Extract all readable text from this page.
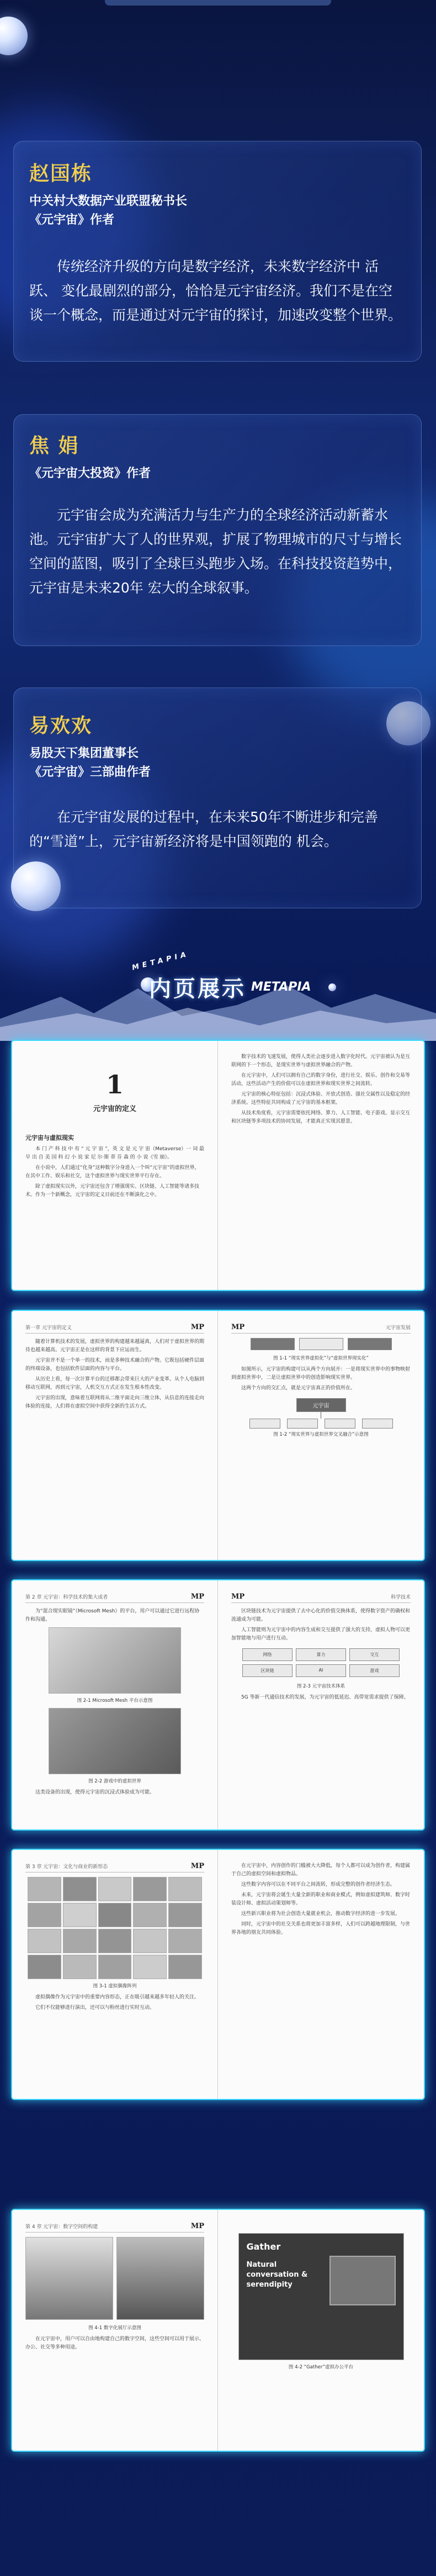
赵国栋
中关村大数据产业联盟秘书长
《元宇宙》作者
传统经济升级的方向是数字经济，未来数字经济中 活跃、 变化最剧烈的部分，恰恰是元宇宙经济。我们不是在空谈一个概念，而是通过对元宇宙的探讨，加速改变整个世界。
焦 娟
《元宇宙大投资》作者
元宇宙会成为充满活力与生产力的全球经济活动新蓄水池。元宇宙扩大了人的世界观，扩展了物理城市的尺寸与增长空间的蓝图，吸引了全球巨头跑步入场。在科技投资趋势中，元宇宙是未来20年 宏大的全球叙事。
易欢欢
易股天下集团董事长
《元宇宙》三部曲作者
在元宇宙发展的过程中，在未来50年不断进步和完善的“雪道”上，元宇宙新经济将是中国领跑的 机会。
METAPIA
内页展示 METAPIA
1
元宇宙的定义
元宇宙与虚拟现实

本 门 产 科 技 中 有 “ 元 宇 宙 ”，英 文 是 元 宇 宙（Metaverse）一 词 最 早 出 自 美 国 科 幻 小 说 家 尼 尔·斯 蒂 芬 森 的 小 说《雪 崩》。

在小说中，人们通过“化身”这种数字分身进入一个叫“元宇宙”的虚拟世界，在其中工作、娱乐和社交，这个虚拟世界与现实世界平行存在。

除了虚拟现实以外，元宇宙还包含了增强现实、区块链、人工智能等诸多技术。作为一个新概念，元宇宙的定义目前还在不断演化之中。

数字技术的飞速发展，使得人类社会逐步进入数字化时代。元宇宙被认为是互联网的下一个形态，是现实世界与虚拟世界融合的产物。

在元宇宙中，人们可以拥有自己的数字身份，进行社交、娱乐、创作和交易等活动，这些活动产生的价值可以在虚拟世界和现实世界之间流转。

元宇宙的核心特征包括：沉浸式体验、开放式创造、强社交属性以及稳定的经济系统。这些特征共同构成了元宇宙的基本框架。

从技术角度看，元宇宙需要依托网络、算力、人工智能、电子游戏、显示交互和区块链等多项技术的协同发展，才能真正实现其愿景。

第一章 元宇宙的定义	MP

随着计算机技术的发展，虚拟世界的构建越来越逼真，人们对于虚拟世界的期待也越来越高。元宇宙正是在这样的背景下应运而生。

元宇宙并不是一个单一的技术，而是多种技术融合的产物。它既包括硬件层面的终端设备，也包括软件层面的内容与平台。

从历史上看，每一次计算平台的迁移都会带来巨大的产业变革。从个人电脑到移动互联网，再到元宇宙，人机交互方式正在发生根本性改变。

元宇宙的出现，意味着互联网将从二维平面走向三维立体，从信息的连接走向体验的连接，人们将在虚拟空间中获得全新的生活方式。

MP	元宇宙发展
图 1-1 “现实世界虚拟化”与“虚拟世界现实化”

如图所示，元宇宙的构建可以从两个方向展开：一是将现实世界中的事物映射到虚拟世界中，二是让虚拟世界中的创造影响现实世界。

这两个方向的交汇点，就是元宇宙真正的价值所在。

元宇宙
图 1-2 “现实世界与虚拟世界交叉融合”示意图
第 2 章 元宇宙：科学技术的集大成者	MP

为“混合现实眼镜”（Microsoft Mesh）的平台，用户可以通过它进行远程协作和沟通。

图 2-1 Microsoft Mesh 平台示意图
图 2-2 游戏中的虚拟世界

这类设备的出现，使得元宇宙的沉浸式体验成为可能。

MP	科学技术

区块链技术为元宇宙提供了去中心化的价值交换体系，使得数字资产的确权和流通成为可能。

人工智能则为元宇宙中的内容生成和交互提供了强大的支持，虚拟人物可以更加智能地与用户进行互动。

网络	算力	交互
区块链	AI	游戏
图 2-3 元宇宙技术体系

5G 等新一代通信技术的发展，为元宇宙的低延迟、高带宽需求提供了保障。

第 3 章 元宇宙：文化与商业的新形态	MP
图 3-1 虚拟偶像阵列

虚拟偶像作为元宇宙中的重要内容形态，正在吸引越来越多年轻人的关注。

它们不仅能够进行演出，还可以与粉丝进行实时互动。

在元宇宙中，内容创作的门槛被大大降低，每个人都可以成为创作者，构建属于自己的虚拟空间和虚拟物品。

这些数字内容可以在不同平台之间流转，形成完整的创作者经济生态。

未来，元宇宙将会诞生大量全新的职业和商业模式，例如虚拟建筑师、数字时装设计师、虚拟活动策划师等。

这些新兴职业将为社会创造大量就业机会，推动数字经济的进一步发展。

同时，元宇宙中的社交关系也将更加丰富多样，人们可以跨越地理限制，与世界各地的朋友共同体验。

第 4 章 元宇宙：数字空间的构建	MP
图 4-1 数字化展厅示意图

在元宇宙中，用户可以自由地构建自己的数字空间，这些空间可以用于展示、办公、社交等多种用途。

Gather
Natural conversation & serendipity
图 4-2 “Gather”虚拟办公平台
